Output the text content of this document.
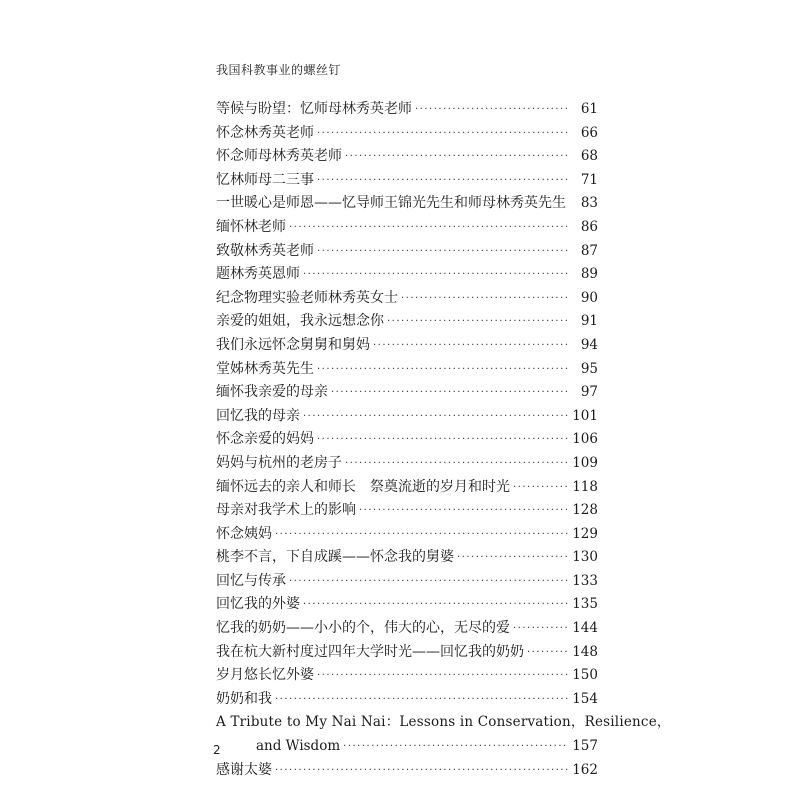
我国科教事业的螺丝钉
等候与盼望：忆师母林秀英老师 ·····	61
怀念林秀英老师 ·····	66
怀念师母林秀英老师 ·····	68
忆林师母二三事 ·····	71
一世暖心是师恩——忆导师王锦光先生和师母林秀英先生 ·····	83
缅怀林老师 ·····	86
致敬林秀英老师 ·····	87
题林秀英恩师 ·····	89
纪念物理实验老师林秀英女士 ·····	90
亲爱的姐姐，我永远想念你 ·····	91
我们永远怀念舅舅和舅妈 ·····	94
堂姊林秀英先生 ·····	95
缅怀我亲爱的母亲 ·····	97
回忆我的母亲 ·····	101
怀念亲爱的妈妈 ·····	106
妈妈与杭州的老房子 ·····	109
缅怀远去的亲人和师长　祭奠流逝的岁月和时光 ·····	118
母亲对我学术上的影响 ·····	128
怀念姨妈 ·····	129
桃李不言，下自成蹊——怀念我的舅婆 ·····	130
回忆与传承 ·····	133
回忆我的外婆 ·····	135
忆我的奶奶——小小的个，伟大的心，无尽的爱 ·····	144
我在杭大新村度过四年大学时光——回忆我的奶奶 ·····	148
岁月悠长忆外婆 ·····	150
奶奶和我 ·····	154
A Tribute to My Nai Nai：Lessons in Conservation，Resilience，
and Wisdom ·····	157
感谢太婆 ·····	162
2
